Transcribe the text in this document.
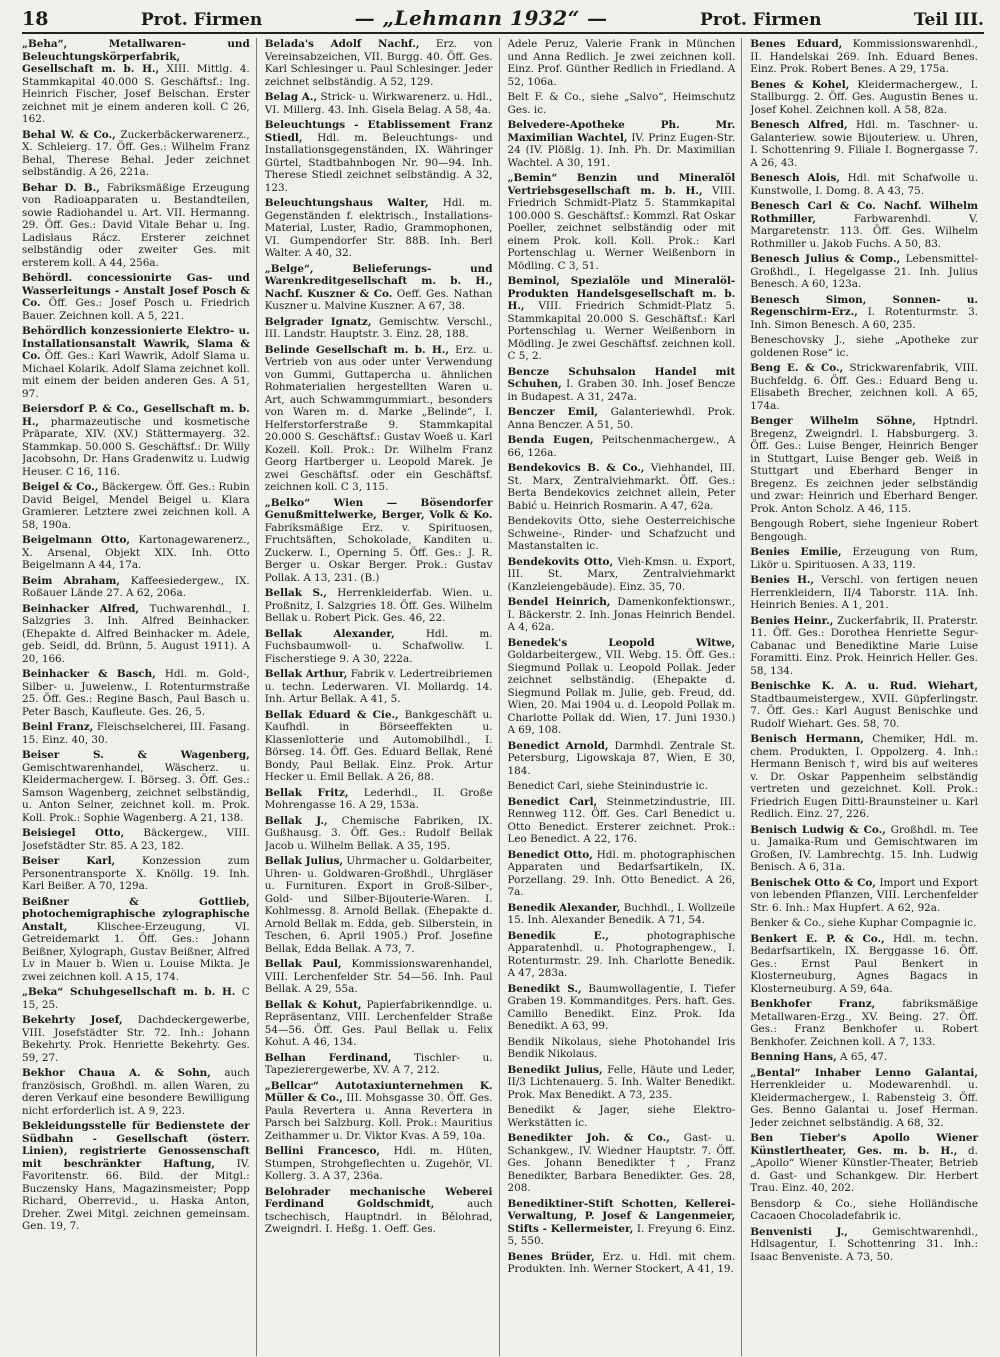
18	Prot. Firmen	— „Lehmann 1932“ —	Prot. Firmen	Teil III.

„Beha“, Metallwaren- und Beleuchtungskörperfabrik, Gesellschaft m. b. H., XIII. Mittlg. 4. Stammkapital 40.000 S. Geschäftsf.: Ing. Heinrich Fischer, Josef Belschan. Erster zeichnet mit je einem anderen koll. C 26, 162.

Behal W. & Co., Zuckerbäckerwarenerz., X. Schleierg. 17. Öff. Ges.: Wilhelm Franz Behal, Therese Behal. Jeder zeichnet selbständig. A 26, 221a.

Behar D. B., Fabriksmäßige Erzeugung von Radioapparaten u. Bestandteilen, sowie Radiohandel u. Art. VII. Hermanng. 29. Öff. Ges.: David Vitale Behar u. Ing. Ladislaus Rácz. Ersterer zeichnet selbständig oder zweiter Ges. mit ersterem koll. A 44, 256a.

Behördl. concessionirte Gas- und Wasserleitungs - Anstalt Josef Posch & Co. Öff. Ges.: Josef Posch u. Friedrich Bauer. Zeichnen koll. A 5, 221.

Behördlich konzessionierte Elektro- u. Installationsanstalt Wawrik, Slama & Co. Öff. Ges.: Karl Wawrik, Adolf Slama u. Michael Kolarik. Adolf Slama zeichnet koll. mit einem der beiden anderen Ges. A 51, 97.

Beiersdorf P. & Co., Gesellschaft m. b. H., pharmazeutische und kosmetische Präparate, XIV. (XV.) Stättermayerg. 32. Stammkap. 50.000 S. Geschäftsf.: Dr. Willy Jacobsohn, Dr. Hans Gradenwitz u. Ludwig Heuser. C 16, 116.

Beigel & Co., Bäckergew. Öff. Ges.: Rubin David Beigel, Mendel Beigel u. Klara Gramierer. Letztere zwei zeichnen koll. A 58, 190a.

Beigelmann Otto, Kartonagewarenerz., X. Arsenal, Objekt XIX. Inh. Otto Beigelmann A 44, 17a.

Beim Abraham, Kaffeesiedergew., IX. Roßauer Lände 27. A 62, 206a.

Beinhacker Alfred, Tuchwarenhdl., I. Salzgries 3. Inh. Alfred Beinhacker. (Ehepakte d. Alfred Beinhacker m. Adele, geb. Seidl, dd. Brünn, 5. August 1911). A 20, 166.

Beinhacker & Basch, Hdl. m. Gold-, Silber- u. Juwelenw., I. Rotenturmstraße 25. Öff. Ges.: Regine Basch, Paul Basch u. Peter Basch, Kaufleute. Ges. 26, 5.

Beinl Franz, Fleischselcherei, III. Fasang. 15. Einz. 40, 30.

Beiser S. & Wagenberg, Gemischtwarenhandel, Wäscherz. u. Kleidermachergew. I. Börseg. 3. Öff. Ges.: Samson Wagenberg, zeichnet selbständig, u. Anton Selner, zeichnet koll. m. Prok. Koll. Prok.: Sophie Wagenberg. A 21, 138.

Beisiegel Otto, Bäckergew., VIII. Josefstädter Str. 85. A 23, 182.

Beiser Karl,	Konzession zum Personentransporte X. Knöllg. 19. Inh. Karl Beißer. A 70, 129a.

Beißner & Gottlieb, photochemigraphische zylographische Anstalt,	Klischee-Erzeugung, VI. Getreidemarkt 1. Öff. Ges.: Johann Beißner, Xylograph, Gustav Beißner, Alfred Lv in Mauer b. Wien u. Louise Mikta. Je zwei zeichnen koll. A 15, 174.

„Beka“ Schuhgesellschaft m. b. H. C 15, 25.

Bekehrty Josef, Dachdeckergewerbe, VIII. Josefstädter Str. 72. Inh.: Johann Bekehrty. Prok. Henriette Bekehrty. Ges. 59, 27.

Bekhor Chaua A. & Sohn, auch französisch, Großhdl. m. allen Waren, zu deren Verkauf eine besondere Bewilligung nicht erforderlich ist. A 9, 223.

Bekleidungsstelle für Bedienstete der Südbahn - Gesellschaft (österr. Linien), registrierte Genossenschaft mit beschränkter Haftung, IV. Favoritenstr. 66. Bild. der Mitgl.: Buczensky Hans, Magazinsmeister; Popp Richard, Oberrevid., u. Haska Anton, Dreher. Zwei Mitgl. zeichnen gemeinsam. Gen. 19, 7.

Belada's Adolf Nachf., Erz. von Vereinsabzeichen, VII. Burgg. 40. Öff. Ges. Karl Schlesinger u. Paul Schlesinger. Jeder zeichnet selbständig. A 52, 129.

Belag A., Strick- u. Wirkwarenerz. u. Hdl., VI. Millerg. 43. Inh. Gisela Belag. A 58, 4a.

Beleuchtungs - Etablissement Franz Stiedl, Hdl. m. Beleuchtungs- und Installationsgegenständen, IX. Währinger Gürtel, Stadtbahnbogen Nr. 90—94. Inh. Therese Stiedl zeichnet selbständig. A 32, 123.

Beleuchtungshaus Walter, Hdl. m. Gegenständen f. elektrisch., Installations-Material, Luster, Radio, Grammophonen, VI. Gumpendorfer Str. 88B. Inh. Berl Walter. A 40, 32.

„Belge“, Belieferungs- und Warenkreditgesellschaft m. b. H., Nachf. Kuszner & Co. Oeff. Ges. Nathan Kuszner u. Malvine Kuszner. A 67, 38.

Belgrader Ignatz, Gemischtw. Verschl., III. Landstr. Hauptstr. 3. Einz. 28, 188.

Belinde Gesellschaft m. b. H., Erz. u. Vertrieb von aus oder unter Verwendung von Gummi, Guttapercha u. ähnlichen Rohmaterialien hergestellten Waren u. Art, auch Schwammgummiart., besonders von Waren m. d. Marke „Belinde“, I. Helferstorferstraße 9. Stammkapital 20.000 S. Geschäftsf.: Gustav Woeß u. Karl Kozell. Koll. Prok.: Dr. Wilhelm Franz Georg Hartberger u. Leopold Marek. Je zwei Geschäftsf. oder ein Geschäftsf. zeichnen koll. C 3, 115.

„Belko“ Wien — Bösendorfer Genußmittelwerke, Berger, Volk & Ko. Fabriksmäßige Erz. v. Spirituosen, Fruchtsäften, Schokolade, Kanditen u. Zuckerw. I., Operning 5. Öff. Ges.: J. R. Berger u. Oskar Berger. Prok.: Gustav Pollak. A 13, 231. (B.)

Bellak S., Herrenkleiderfab. Wien. u. Proßnitz, I. Salzgries 18. Öff. Ges. Wilhelm Bellak u. Robert Pick. Ges. 46, 22.

Bellak Alexander,	Hdl. m. Fuchsbaumwoll- u. Schafwollw. I. Fischerstiege 9. A 30, 222a.

Bellak Arthur, Fabrik v. Ledertreibriemen u. techn. Lederwaren. VI. Mollardg. 14. Inh. Artur Bellak. A 41, 5.

Bellak Eduard & Cie., Bankgeschäft u. Kaufhdl. in Börseeffekten u. Klassenlotterie und Automobilhdl., I. Börseg. 14. Öff. Ges. Eduard Bellak, René Bondy, Paul Bellak. Einz. Prok. Artur Hecker u. Emil Bellak. A 26, 88.

Bellak Fritz, Lederhdl., II. Große Mohrengasse 16. A 29, 153a.

Bellak J., Chemische Fabriken, IX. Gußhausg. 3. Öff. Ges.: Rudolf Bellak Jacob u. Wilhelm Bellak. A 35, 195.

Bellak Julius, Uhrmacher u. Goldarbeiter, Uhren- u. Goldwaren-Großhdl., Uhrgläser u. Furnituren. Export in Groß-Silber-, Gold- und Silber-Bijouterie-Waren. I. Kohlmessg. 8. Arnold Bellak. (Ehepakte d. Arnold Bellak m. Edda, geb. Silberstein, in Teschen, 6. April 1905.) Prof. Josefine Bellak, Edda Bellak. A 73, 7.

Bellak Paul, Kommissionswarenhandel, VIII. Lerchenfelder Str. 54—56. Inh. Paul Bellak. A 29, 55a.

Bellak & Kohut, Papierfabrikenndlge. u. Repräsentanz, VIII. Lerchenfelder Straße 54—56. Öff. Ges. Paul Bellak u. Felix Kohut. A 46, 134.

Belhan Ferdinand, Tischler- u. Tapezierergewerbe, XV. A 7, 212.

„Bellcar“ Autotaxiunternehmen K. Müller & Co., III. Mohsgasse 30. Öff. Ges. Paula Revertera u. Anna Revertera in Parsch bei Salzburg. Koll. Prok.: Mauritius Zeithammer u. Dr. Viktor Kvas. A 59, 10a.

Bellini Francesco, Hdl. m. Hüten, Stumpen, Strohgeflechten u. Zugehör, VI. Kollerg. 3. A 37, 236a.

Belohrader mechanische Weberei Ferdinand Goldschmidt,	auch tschechisch, Hauptndrl. in Bělohrad, Zweigndrl. I. Heßg. 1. Oeff. Ges.

Adele Peruz, Valerie Frank in München und Anna Redlich. Je zwei zeichnen koll. Einz. Prof. Günther Redlich in Friedland. A 52, 106a.

Belt F. & Co., siehe „Salvo“, Heimschutz Ges. ic.

Belvedere-Apotheke Ph. Mr. Maximilian Wachtel, IV. Prinz Eugen-Str. 24 (IV. Plößlg. 1). Inh. Ph. Dr. Maximilian Wachtel. A 30, 191.

„Bemin“ Benzin und Mineralöl Vertriebsgesellschaft m. b. H., VIII. Friedrich Schmidt-Platz 5. Stammkapital 100.000 S. Geschäftsf.: Kommzl. Rat Oskar Poeller, zeichnet selbständig oder mit einem Prok. koll. Koll. Prok.: Karl Portenschlag u. Werner Weißenborn in Mödling. C 3, 51.

Beminol, Spezialöle und Mineralöl-Produkten Handelsgesellschaft m. b. H., VIII. Friedrich Schmidt-Platz 5. Stammkapital 20.000 S. Geschäftsf.: Karl Portenschlag u. Werner Weißenborn in Mödling. Je zwei Geschäftsf. zeichnen koll. C 5, 2.

Bencze Schuhsalon Handel mit Schuhen, I. Graben 30. Inh. Josef Bencze in Budapest. A 31, 247a.

Benczer Emil, Galanteriewhdl. Prok. Anna Benczer. A 51, 50.

Benda Eugen, Peitschenmachergew., A 66, 126a.

Bendekovics B. & Co., Viehhandel, III. St. Marx, Zentralviehmarkt. Öff. Ges.: Berta Bendekovics zeichnet allein, Peter Babić u. Heinrich Rosmarin. A 47, 62a.

Bendekovits Otto, siehe Oesterreichische Schweine-, Rinder- und Schafzucht und Mastanstalten ic.

Bendekovits Otto, Vieh-Kmsn. u. Export, III. St. Marx, Zentralviehmarkt (Kanzleiengebäude). Einz. 35, 70.

Bendel Heinrich, Damenkonfektionswr., I. Bäckerstr. 2. Inh. Jonas Heinrich Bendel. A 4, 62a.

Benedek's Leopold Witwe, Goldarbeitergew., VII. Webg. 15. Öff. Ges.: Siegmund Pollak u. Leopold Pollak. Jeder zeichnet selbständig. (Ehepakte d. Siegmund Pollak m. Julie, geb. Freud, dd. Wien, 20. Mai 1904 u. d. Leopold Pollak m. Charlotte Pollak dd. Wien, 17. Juni 1930.) A 69, 108.

Benedict Arnold, Darmhdl. Zentrale St. Petersburg, Ligowskaja 87, Wien, E 30, 184.

Benedict Carl, siehe Steinindustrie ic.

Benedict Carl, Steinmetzindustrie, III. Rennweg 112. Öff. Ges. Carl Benedict u. Otto Benedict. Ersterer zeichnet. Prok.: Leo Benedict. A 22, 176.

Benedict Otto, Hdl. m. photographischen Apparaten und Bedarfsartikeln, IX. Porzellang. 29. Inh. Otto Benedict. A 26, 7a.

Benedik Alexander, Buchhdl., I. Wollzeile 15. Inh. Alexander Benedik. A 71, 54.

Benedik E.,	photographische Apparatenhdl. u. Photographengew., I. Rotenturmstr. 29. Inh. Charlotte Benedik. A 47, 283a.

Benedikt S., Baumwollagentie, I. Tiefer Graben 19. Kommanditges. Pers. haft. Ges. Camillo Benedikt. Einz. Prok. Ida Benedikt. A 63, 99.

Bendik Nikolaus, siehe Photohandel Iris Bendik Nikolaus.

Benedikt Julius, Felle, Häute und Leder, II/3 Lichtenauerg. 5. Inh. Walter Benedikt. Prok. Max Benedikt. A 73, 235.

Benedikt & Jager, siehe Elektro-Werkstätten ic.

Benedikter Joh. & Co., Gast- u. Schankgew., IV. Wiedner Hauptstr. 7. Öff. Ges. Johann Benedikter †, Franz Benedikter, Barbara Benedikter. Ges. 28, 208.

Benediktiner-Stift Schotten, Kellerei-Verwaltung, P. Josef & Langenmeier, Stifts - Kellermeister, I. Freyung 6. Einz. 5, 550.

Benes Brüder, Erz. u. Hdl. mit chem. Produkten. Inh. Werner Stockert, A 41, 19.

Benes Eduard, Kommissionswarenhdl., II. Handelskai 269. Inh. Eduard Benes. Einz. Prok. Robert Benes. A 29, 175a.

Benes & Kohel, Kleidermachergew., I. Stallburgg. 2. Öff. Ges. Augustin Benes u. Josef Kohel. Zeichnen koll. A 58, 82a.

Benesch Alfred, Hdl. m. Taschner- u. Galanteriew. sowie Bijouteriew. u. Uhren, I. Schottenring 9. Filiale I. Bognergasse 7. A 26, 43.

Benesch Alois, Hdl. mit Schafwolle u. Kunstwolle, I. Domg. 8. A 43, 75.

Benesch Carl & Co. Nachf. Wilhelm Rothmiller,	Farbwarenhdl. V. Margaretenstr. 113. Öff. Ges. Wilhelm Rothmiller u. Jakob Fuchs. A 50, 83.

Benesch Julius & Comp., Lebensmittel-Großhdl., I. Hegelgasse 21. Inh. Julius Benesch. A 60, 123a.

Benesch Simon, Sonnen- u. Regenschirm-Erz., I. Rotenturmstr. 3. Inh. Simon Benesch. A 60, 235.

Beneschovsky J., siehe „Apotheke zur goldenen Rose“ ic.

Beng E. & Co., Strickwarenfabrik, VIII. Buchfeldg. 6. Öff. Ges.: Eduard Beng u. Elisabeth Brecher, zeichnen koll. A 65, 174a.

Benger Wilhelm Söhne, Hptndrl. Bregenz, Zweigndrl. I. Habsburgerg. 3. Öff. Ges.: Luise Benger, Heinrich Benger in Stuttgart, Luise Benger geb. Weiß in Stuttgart und Eberhard Benger in Bregenz. Es zeichnen jeder selbständig und zwar: Heinrich und Eberhard Benger. Prok. Anton Scholz. A 46, 115.

Bengough Robert, siehe Ingenieur Robert Bengough.

Benies Emilie, Erzeugung von Rum, Likör u. Spirituosen. A 33, 119.

Benies H., Verschl. von fertigen neuen Herrenkleidern, II/4 Taborstr. 11A. Inh. Heinrich Benies. A 1, 201.

Benies Heinr., Zuckerfabrik, II. Praterstr. 11. Öff. Ges.: Dorothea Henriette Segur-Cabanac und Benediktine Marie Luise Foramitti. Einz. Prok. Heinrich Heller. Ges. 58, 134.

Benischke K. A. u. Rud. Wiehart, Stadtbaumeistergew., XVII. Güpferlingstr. 7. Öff. Ges.: Karl August Benischke und Rudolf Wiehart. Ges. 58, 70.

Benisch Hermann, Chemiker, Hdl. m. chem. Produkten, I. Oppolzerg. 4. Inh.: Hermann Benisch †, wird bis auf weiteres v. Dr. Oskar Pappenheim selbständig vertreten und gezeichnet. Koll. Prok.: Friedrich Eugen Dittl-Braunsteiner u. Karl Redlich. Einz. 27, 226.

Benisch Ludwig & Co., Großhdl. m. Tee u. Jamaika-Rum und Gemischtwaren im Großen, IV. Lambrechtg. 15. Inh. Ludwig Benisch. A 6, 31a.

Benischek Otto & Co, Import und Export von lebenden Pflanzen, VIII. Lerchenfelder Str. 6. Inh.: Max Hupfert. A 62, 92a.

Benker & Co., siehe Kuphar Compagnie ic.

Benkert E. P. & Co., Hdl. m. techn. Bedarfsartikeln, IX. Berggasse 16. Öff. Ges.: Ernst Paul Benkert in Klosterneuburg, Agnes Bagacs in Klosterneuburg. A 59, 64a.

Benkhofer Franz,	fabriksmäßige Metallwaren-Erzg., XV. Being. 27. Öff. Ges.: Franz Benkhofer u. Robert Benkhofer. Zeichnen koll. A 7, 133.

Benning Hans, A 65, 47.

„Bental“ Inhaber Lenno Galantai, Herrenkleider u. Modewarenhdl. u. Kleidermachergew., I. Rabensteig 3. Öff. Ges. Benno Galantai u. Josef Herman. Jeder zeichnet selbständig. A 68, 32.

Ben Tieber's Apollo Wiener Künstlertheater, Ges. m. b. H., d. „Apollo“ Wiener Künstler-Theater, Betrieb d. Gast- und Schankgew. Dir. Herbert Trau. Einz. 40, 202.

Bensdorp & Co., siehe Holländische Cacaoen Chocoladefabrik ic.

Benvenisti J., Gemischtwarenhdl., Hdlsagentur, I. Schottenring 31. Inh.: Isaac Benveniste. A 73, 50.
